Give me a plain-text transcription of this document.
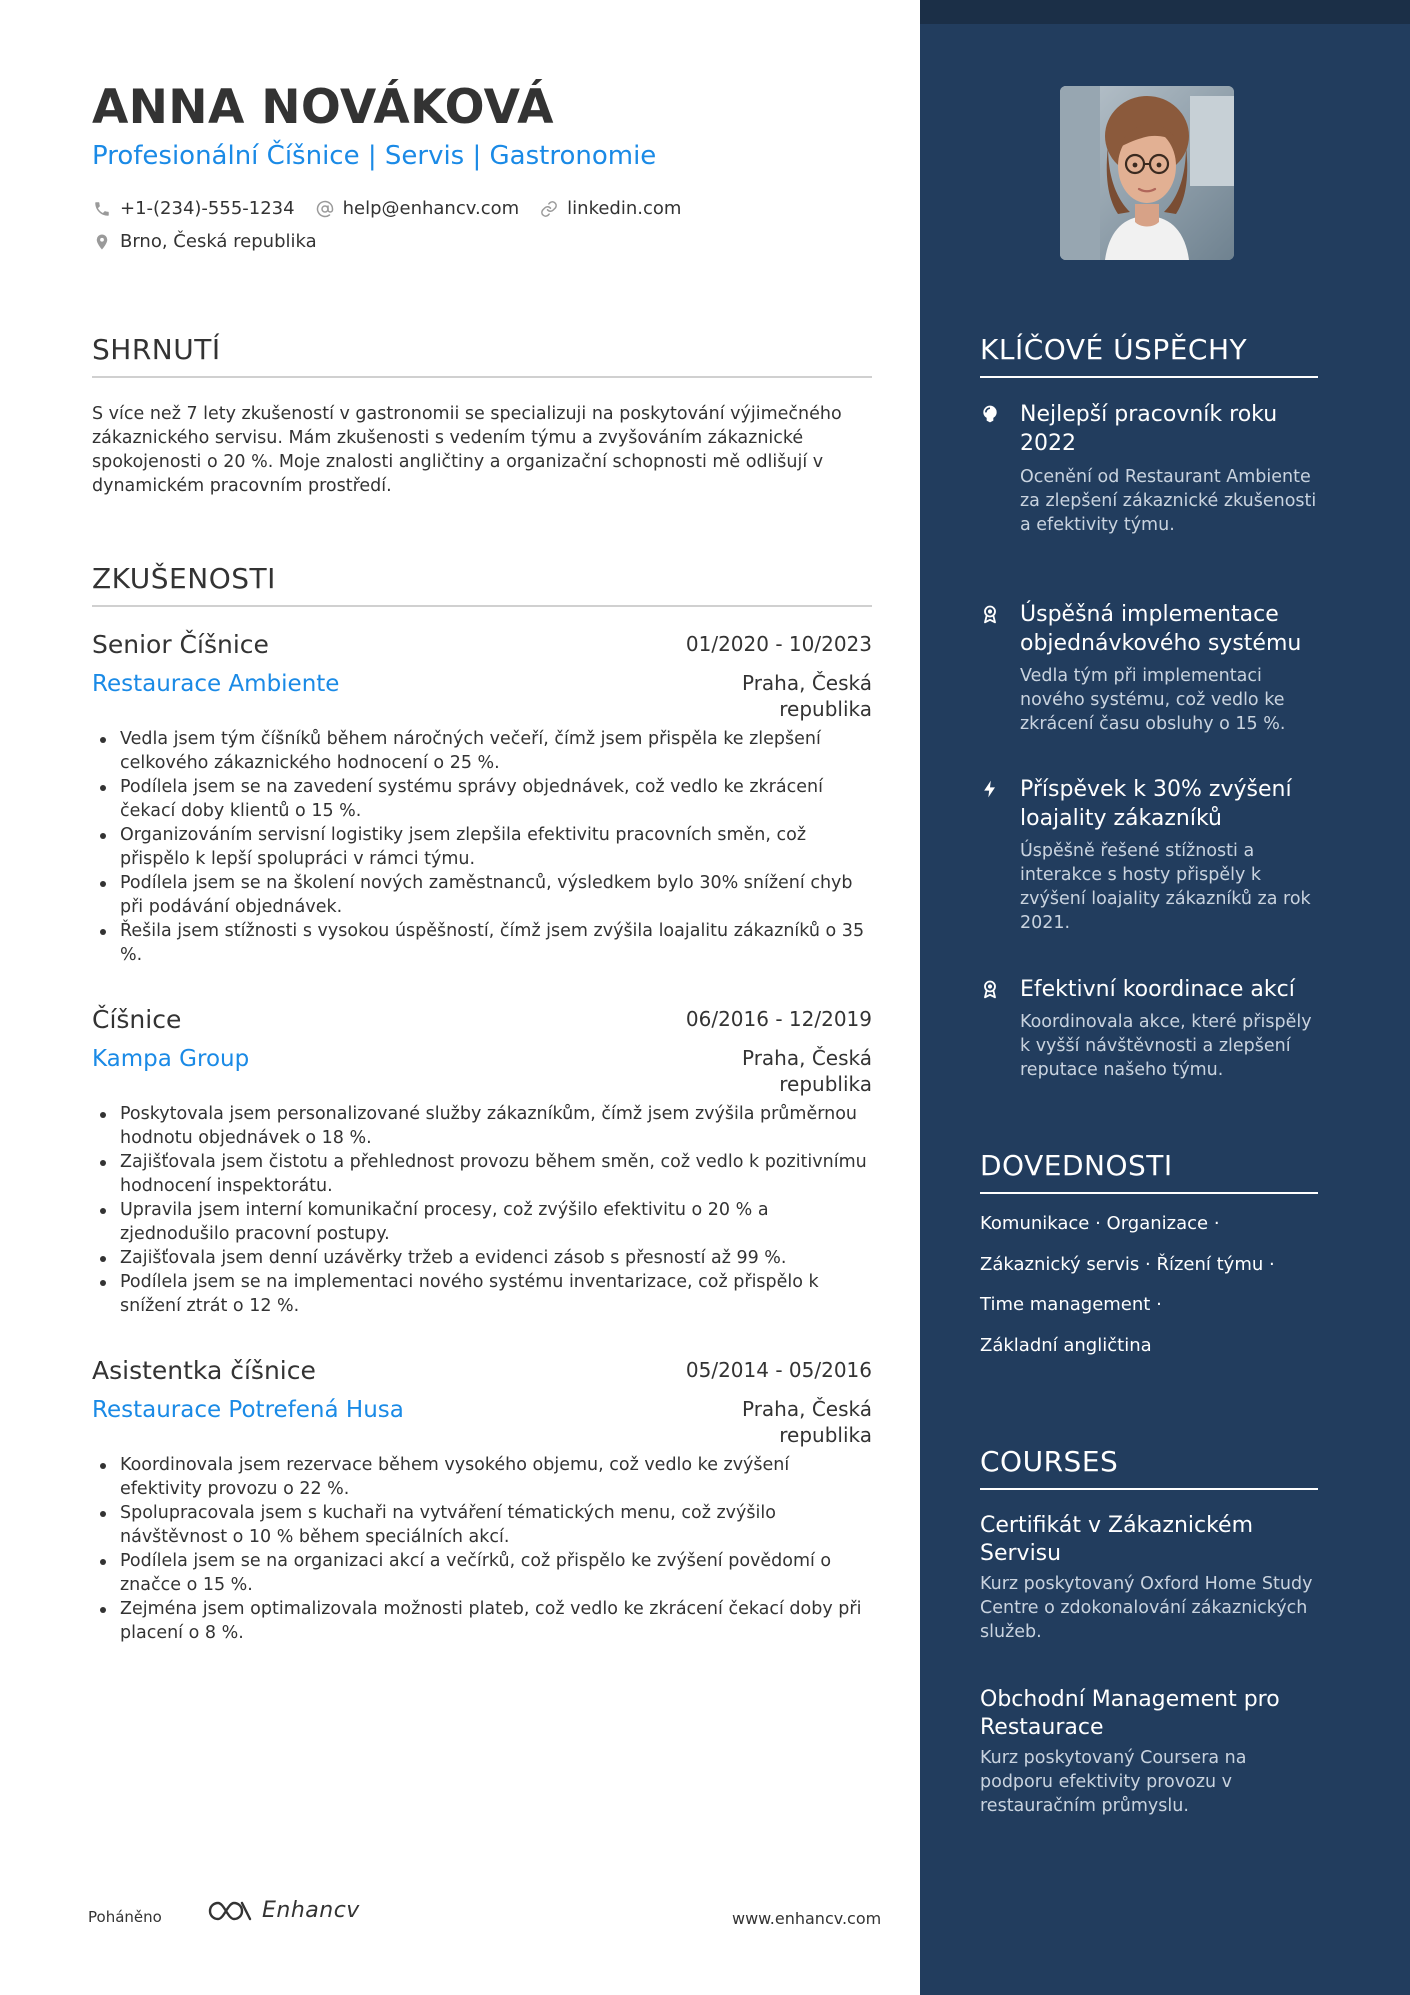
ANNA NOVÁKOVÁ
Profesionální Číšnice | Servis | Gastronomie
+1-(234)-555-1234	help@enhancv.com	linkedin.com
Brno, Česká republika
SHRNUTÍ
S více než 7 lety zkušeností v gastronomii se specializuji na poskytování výjimečného zákaznického servisu. Mám zkušenosti s vedením týmu a zvyšováním zákaznické spokojenosti o 20 %. Moje znalosti angličtiny a organizační schopnosti mě odlišují v dynamickém pracovním prostředí.
ZKUŠENOSTI
Senior Číšnice	01/2020 - 10/2023
Restaurace Ambiente	Praha, Česká republika
Vedla jsem tým číšníků během náročných večeří, čímž jsem přispěla ke zlepšení celkového zákaznického hodnocení o 25 %.
Podílela jsem se na zavedení systému správy objednávek, což vedlo ke zkrácení čekací doby klientů o 15 %.
Organizováním servisní logistiky jsem zlepšila efektivitu pracovních směn, což přispělo k lepší spolupráci v rámci týmu.
Podílela jsem se na školení nových zaměstnanců, výsledkem bylo 30% snížení chyb při podávání objednávek.
Řešila jsem stížnosti s vysokou úspěšností, čímž jsem zvýšila loajalitu zákazníků o 35 %.
Číšnice	06/2016 - 12/2019
Kampa Group	Praha, Česká republika
Poskytovala jsem personalizované služby zákazníkům, čímž jsem zvýšila průměrnou hodnotu objednávek o 18 %.
Zajišťovala jsem čistotu a přehlednost provozu během směn, což vedlo k pozitivnímu hodnocení inspektorátu.
Upravila jsem interní komunikační procesy, což zvýšilo efektivitu o 20 % a zjednodušilo pracovní postupy.
Zajišťovala jsem denní uzávěrky tržeb a evidenci zásob s přesností až 99 %.
Podílela jsem se na implementaci nového systému inventarizace, což přispělo k snížení ztrát o 12 %.
Asistentka číšnice	05/2014 - 05/2016
Restaurace Potrefená Husa	Praha, Česká republika
Koordinovala jsem rezervace během vysokého objemu, což vedlo ke zvýšení efektivity provozu o 22 %.
Spolupracovala jsem s kuchaři na vytváření tématických menu, což zvýšilo návštěvnost o 10 % během speciálních akcí.
Podílela jsem se na organizaci akcí a večírků, což přispělo ke zvýšení povědomí o značce o 15 %.
Zejména jsem optimalizovala možnosti plateb, což vedlo ke zkrácení čekací doby při placení o 8 %.
Poháněno	Enhancv	www.enhancv.com
KLÍČOVÉ ÚSPĚCHY
Nejlepší pracovník roku 2022
Ocenění od Restaurant Ambiente za zlepšení zákaznické zkušenosti a efektivity týmu.
Úspěšná implementace objednávkového systému
Vedla tým při implementaci nového systému, což vedlo ke zkrácení času obsluhy o 15 %.
Příspěvek k 30% zvýšení loajality zákazníků
Úspěšně řešené stížnosti a interakce s hosty přispěly k zvýšení loajality zákazníků za rok 2021.
Efektivní koordinace akcí
Koordinovala akce, které přispěly k vyšší návštěvnosti a zlepšení reputace našeho týmu.
DOVEDNOSTI
Komunikace · Organizace ·
Zákaznický servis · Řízení týmu ·
Time management ·
Základní angličtina
COURSES
Certifikát v Zákaznickém Servisu
Kurz poskytovaný Oxford Home Study Centre o zdokonalování zákaznických služeb.
Obchodní Management pro Restaurace
Kurz poskytovaný Coursera na podporu efektivity provozu v restauračním průmyslu.
